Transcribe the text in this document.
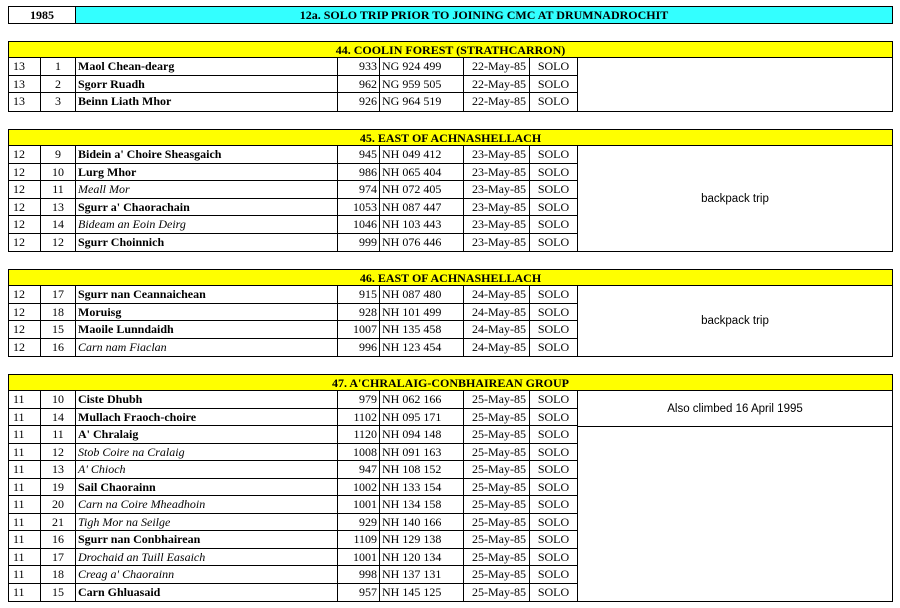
1985	12a. SOLO TRIP PRIOR TO JOINING CMC AT DRUMNADROCHIT
44. COOLIN FOREST (STRATHCARRON)
13	1	Maol Chean-dearg	933 NG 924 499	22-May-85 SOLO
13	2	Sgorr Ruadh	962 NG 959 505	22-May-85 SOLO
13	3	Beinn Liath Mhor	926 NG 964 519	22-May-85 SOLO
45. EAST OF ACHNASHELLACH
12	9	Bidein a' Choire Sheasgaich	945 NH 049 412	23-May-85 SOLO
12	10	Lurg Mhor	986 NH 065 404	23-May-85 SOLO
12	11	Meall Mor	974 NH 072 405	23-May-85 SOLO
12	13	Sgurr a' Chaorachain	1053 NH 087 447	23-May-85 SOLO
12	14	Bideam an Eoin Deirg	1046 NH 103 443	23-May-85 SOLO
12	12	Sgurr Choinnich	999 NH 076 446	23-May-85 SOLO
backpack trip
46. EAST OF ACHNASHELLACH
12	17	Sgurr nan Ceannaichean	915 NH 087 480	24-May-85 SOLO
12	18	Moruisg	928 NH 101 499	24-May-85 SOLO
12	15	Maoile Lunndaidh	1007 NH 135 458	24-May-85 SOLO
12	16	Carn nam Fiaclan	996 NH 123 454	24-May-85 SOLO
backpack trip
47. A'CHRALAIG-CONBHAIREAN GROUP
11	10	Ciste Dhubh	979 NH 062 166	25-May-85 SOLO
11	14	Mullach Fraoch-choire	1102 NH 095 171	25-May-85 SOLO
11	11	A' Chralaig	1120 NH 094 148	25-May-85 SOLO
11	12	Stob Coire na Cralaig	1008 NH 091 163	25-May-85 SOLO
11	13	A' Chioch	947 NH 108 152	25-May-85 SOLO
11	19	Sail Chaorainn	1002 NH 133 154	25-May-85 SOLO
11	20	Carn na Coire Mheadhoin	1001 NH 134 158	25-May-85 SOLO
11	21	Tigh Mor na Seilge	929 NH 140 166	25-May-85 SOLO
11	16	Sgurr nan Conbhairean	1109 NH 129 138	25-May-85 SOLO
11	17	Drochaid an Tuill Easaich	1001 NH 120 134	25-May-85 SOLO
11	18	Creag a' Chaorainn	998 NH 137 131	25-May-85 SOLO
11	15	Carn Ghluasaid	957 NH 145 125	25-May-85 SOLO
Also climbed 16 April 1995
